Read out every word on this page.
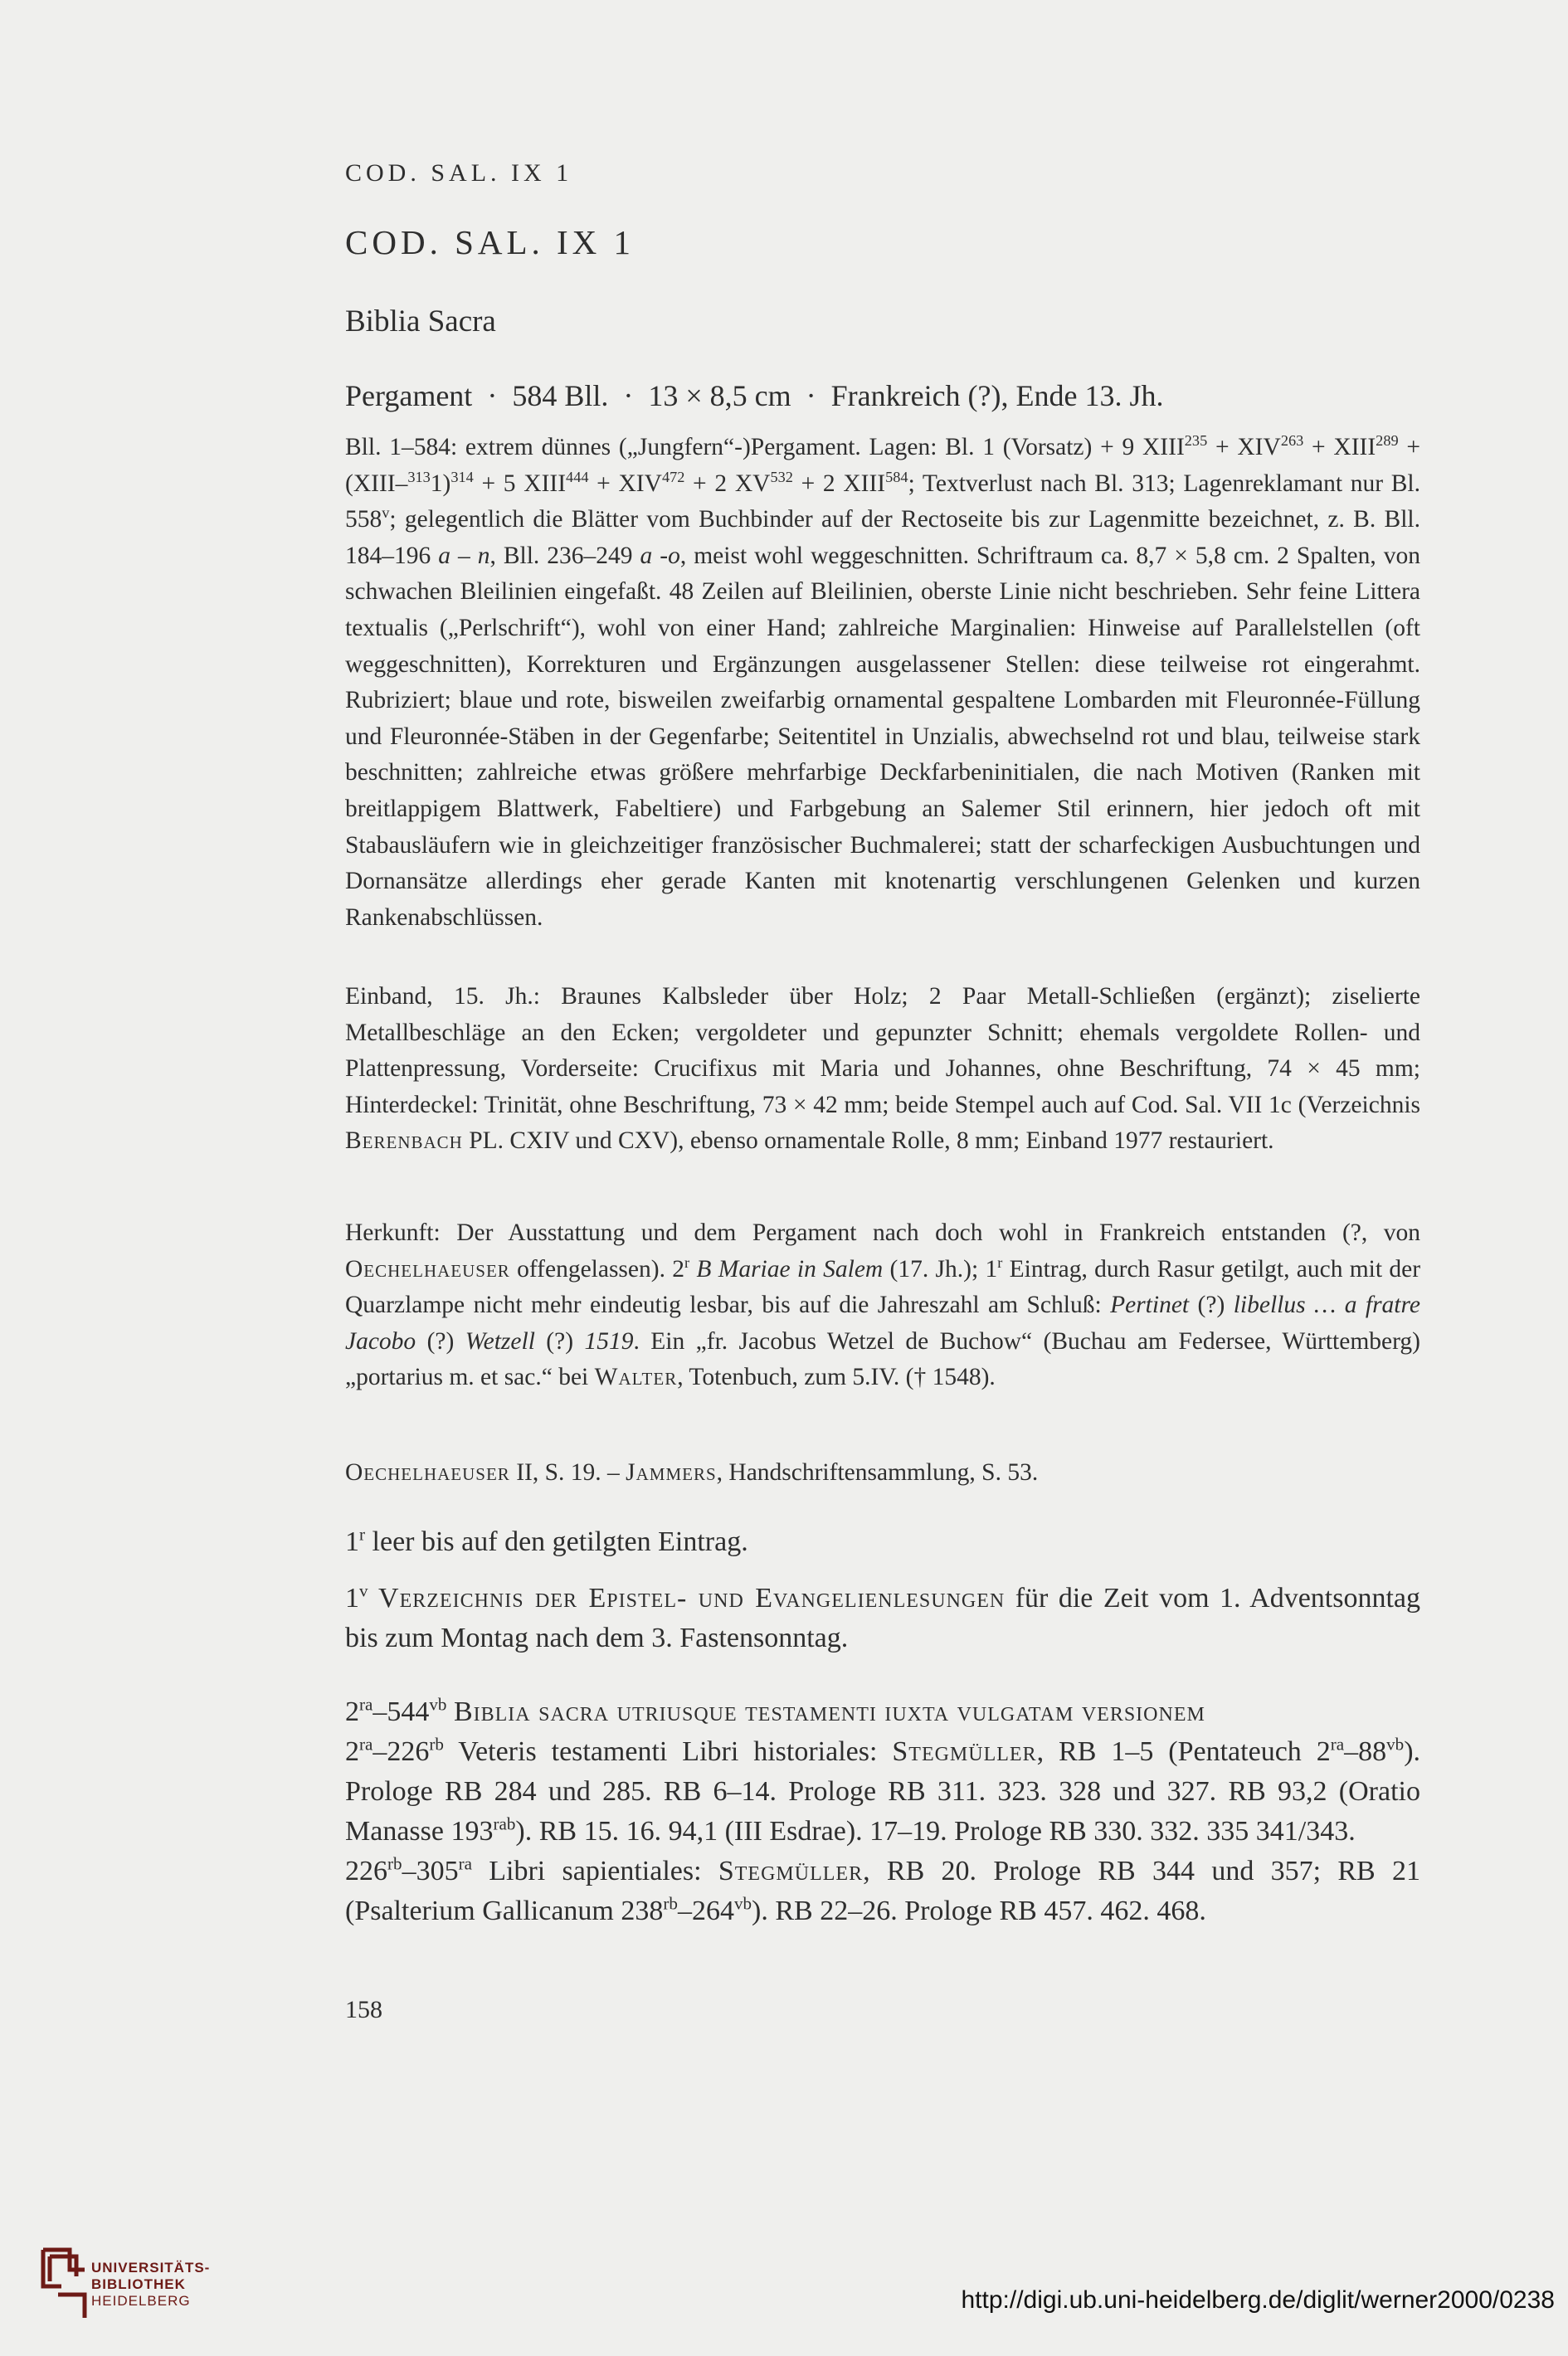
COD. SAL. IX 1
COD. SAL. IX 1
Biblia Sacra
Pergament · 584 Bll. · 13 × 8,5 cm · Frankreich (?), Ende 13. Jh.

Bll. 1–584: extrem dünnes („Jungfern“-)Pergament. Lagen: Bl. 1 (Vorsatz) + 9 $XIII^{235} + XIV^{263}$ + $XIII^{289}$ + (XIII–$^{313}$1)$^{314}$ + 5 $XIII^{444} + XIV^{472} + 2$ $XV^{532} + 2$ XIII$^{584}$; Textverlust nach Bl. 313; Lagenreklamant nur Bl. 558$^v$; gelegentlich die Blätter vom Buchbinder auf der Rectoseite bis zur Lagenmitte bezeichnet, z. B. Bll. 184–196 a – n, Bll. 236–249 a -o, meist wohl weggeschnitten. Schriftraum ca. 8,7 × 5,8 cm. 2 Spalten, von schwachen Bleilinien eingefaßt. 48 Zeilen auf Bleilinien, oberste Linie nicht beschrieben. Sehr feine Littera textualis („Perlschrift“), wohl von einer Hand; zahlreiche Marginalien: Hinweise auf Parallelstellen (oft weggeschnitten), Korrekturen und Ergänzungen ausgelassener Stellen: diese teilweise rot eingerahmt. Rubriziert; blaue und rote, bisweilen zweifarbig ornamental gespaltene Lombarden mit Fleuronnée-Füllung und Fleuronnée-Stäben in der Gegenfarbe; Seitentitel in Unzialis, abwechselnd rot und blau, teilweise stark beschnitten; zahlreiche etwas größere mehrfarbige Deckfarbeninitialen, die nach Motiven (Ranken mit breitlappigem Blattwerk, Fabeltiere) und Farbgebung an Salemer Stil erinnern, hier jedoch oft mit Stabausläufern wie in gleichzeitiger französischer Buchmalerei; statt der scharfeckigen Ausbuchtungen und Dornansätze allerdings eher gerade Kanten mit knotenartig verschlungenen Gelenken und kurzen Rankenabschlüssen.

Einband, 15. Jh.: Braunes Kalbsleder über Holz; 2 Paar Metall-Schließen (ergänzt); ziselierte Metallbeschläge an den Ecken; vergoldeter und gepunzter Schnitt; ehemals vergoldete Rollen- und Plattenpressung, Vorderseite: Crucifixus mit Maria und Johannes, ohne Beschriftung, 74 × 45 mm; Hinterdeckel: Trinität, ohne Beschriftung, 73 × 42 mm; beide Stempel auch auf Cod. Sal. VII 1c (Verzeichnis Berenbach PL. CXIV und CXV), ebenso ornamentale Rolle, 8 mm; Einband 1977 restauriert.

Herkunft: Der Ausstattung und dem Pergament nach doch wohl in Frankreich entstanden (?, von Oechelhaeuser offengelassen). 2$^r$ B Mariae in Salem (17. Jh.); 1$^r$ Eintrag, durch Rasur getilgt, auch mit der Quarzlampe nicht mehr eindeutig lesbar, bis auf die Jahreszahl am Schluß: Pertinet (?) libellus … a fratre Jacobo (?) Wetzell (?) 1519. Ein „fr. Jacobus Wetzel de Buchow“ (Buchau am Federsee, Württemberg) „portarius m. et sac.“ bei Walter, Totenbuch, zum 5.IV. († 1548).

Oechelhaeuser II, S. 19. – Jammers, Handschriftensammlung, S. 53.

1$^r$ leer bis auf den getilgten Eintrag.

1$^v$ Verzeichnis der Epistel- und Evangelienlesungen für die Zeit vom 1. Adventsonntag bis zum Montag nach dem 3. Fastensonntag.

$2^{ra}-544^{vb}$ Biblia sacra utriusque testamenti iuxta vulgatam versionem

$2^{ra}-226^{rb}$ Veteris testamenti Libri historiales: Stegmüller, RB 1–5 (Pentateuch $2^{ra}-88^{vb}$). Prologe RB 284 und 285. RB 6–14. Prologe RB 311. 323. 328 und 327. RB 93,2 (Oratio Manasse $193^{rab}$). RB 15. 16. 94,1 (III Esdrae). 17–19. Prologe RB 330. 332. 335 341/343.

$226^{rb}-305^{ra}$ Libri sapientiales: Stegmüller, RB 20. Prologe RB 344 und 357; RB 21 (Psalterium Gallicanum $238^{rb}-264^{vb}$). RB 22–26. Prologe RB 457. 462. 468.

158
UNIVERSITÄTS-
BIBLIOTHEK
HEIDELBERG	http://digi.ub.uni-heidelberg.de/diglit/werner2000/0238
